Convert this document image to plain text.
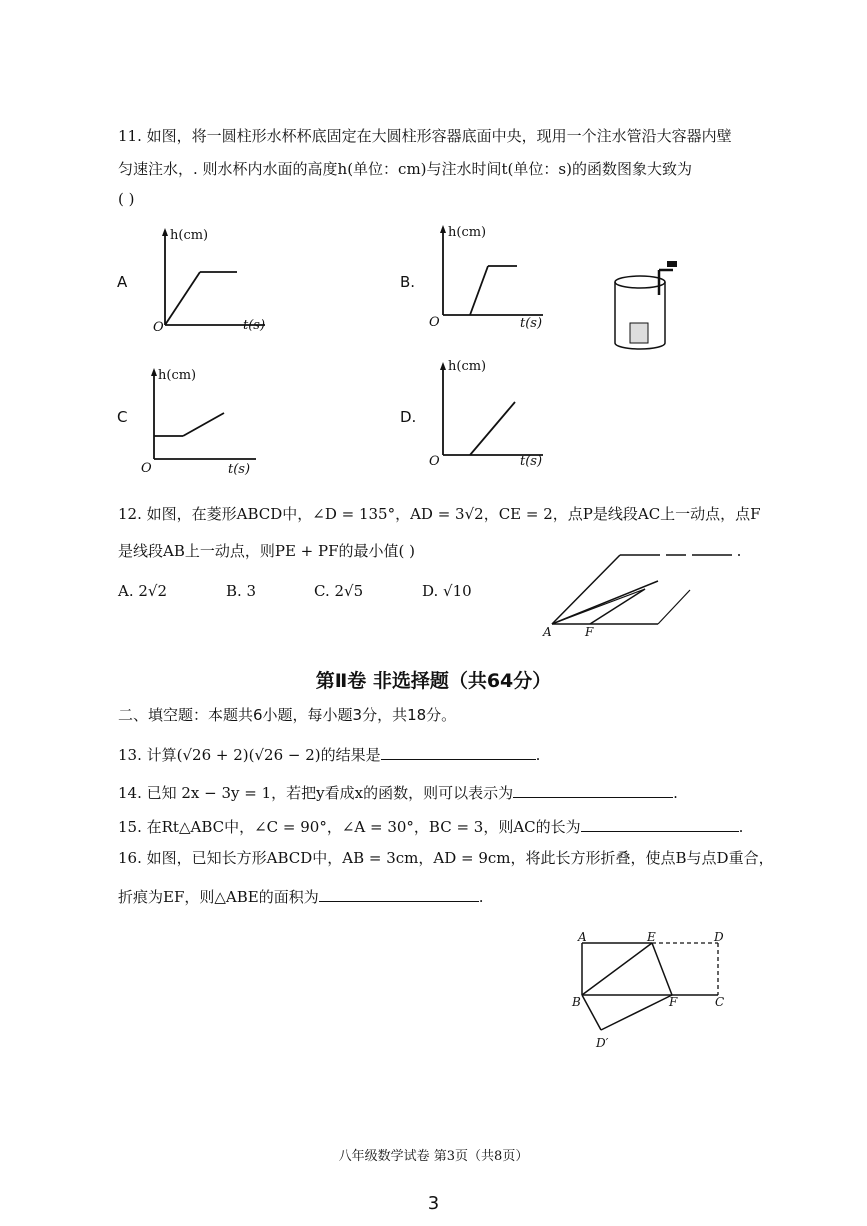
11. 如图，将一圆柱形水杯杯底固定在大圆柱形容器底面中央，现用一个注水管沿大容器内壁
匀速注水，. 则水杯内水面的高度h(单位：cm)与注水时间t(单位：s)的函数图象大致为
( )
A
h(cm)
O	t(s)
B.
h(cm)
O	t(s)
C
h(cm)
O	t(s)
D.
h(cm)
O	t(s)
12. 如图，在菱形ABCD中，∠D = 135°，AD = 3√2，CE = 2，点P是线段AC上一动点，点F
是线段AB上一动点，则PE + PF的最小值( )
A. 2√2	B. 3	C. 2√5	D. √10
A	F
第Ⅱ卷 非选择题（共64分）
二、填空题：本题共6小题，每小题3分，共18分。
13. 计算(√26 + 2)(√26 − 2)的结果是	.
14. 已知 2x − 3y = 1，若把y看成x的函数，则可以表示为	.
15. 在Rt△ABC中，∠C = 90°，∠A = 30°，BC = 3，则AC的长为	.
16. 如图，已知长方形ABCD中，AB = 3cm，AD = 9cm，将此长方形折叠，使点B与点D重合，
折痕为EF，则△ABE的面积为	.
A	E	D
B	F	C
D′
八年级数学试卷 第3页（共8页）
3
